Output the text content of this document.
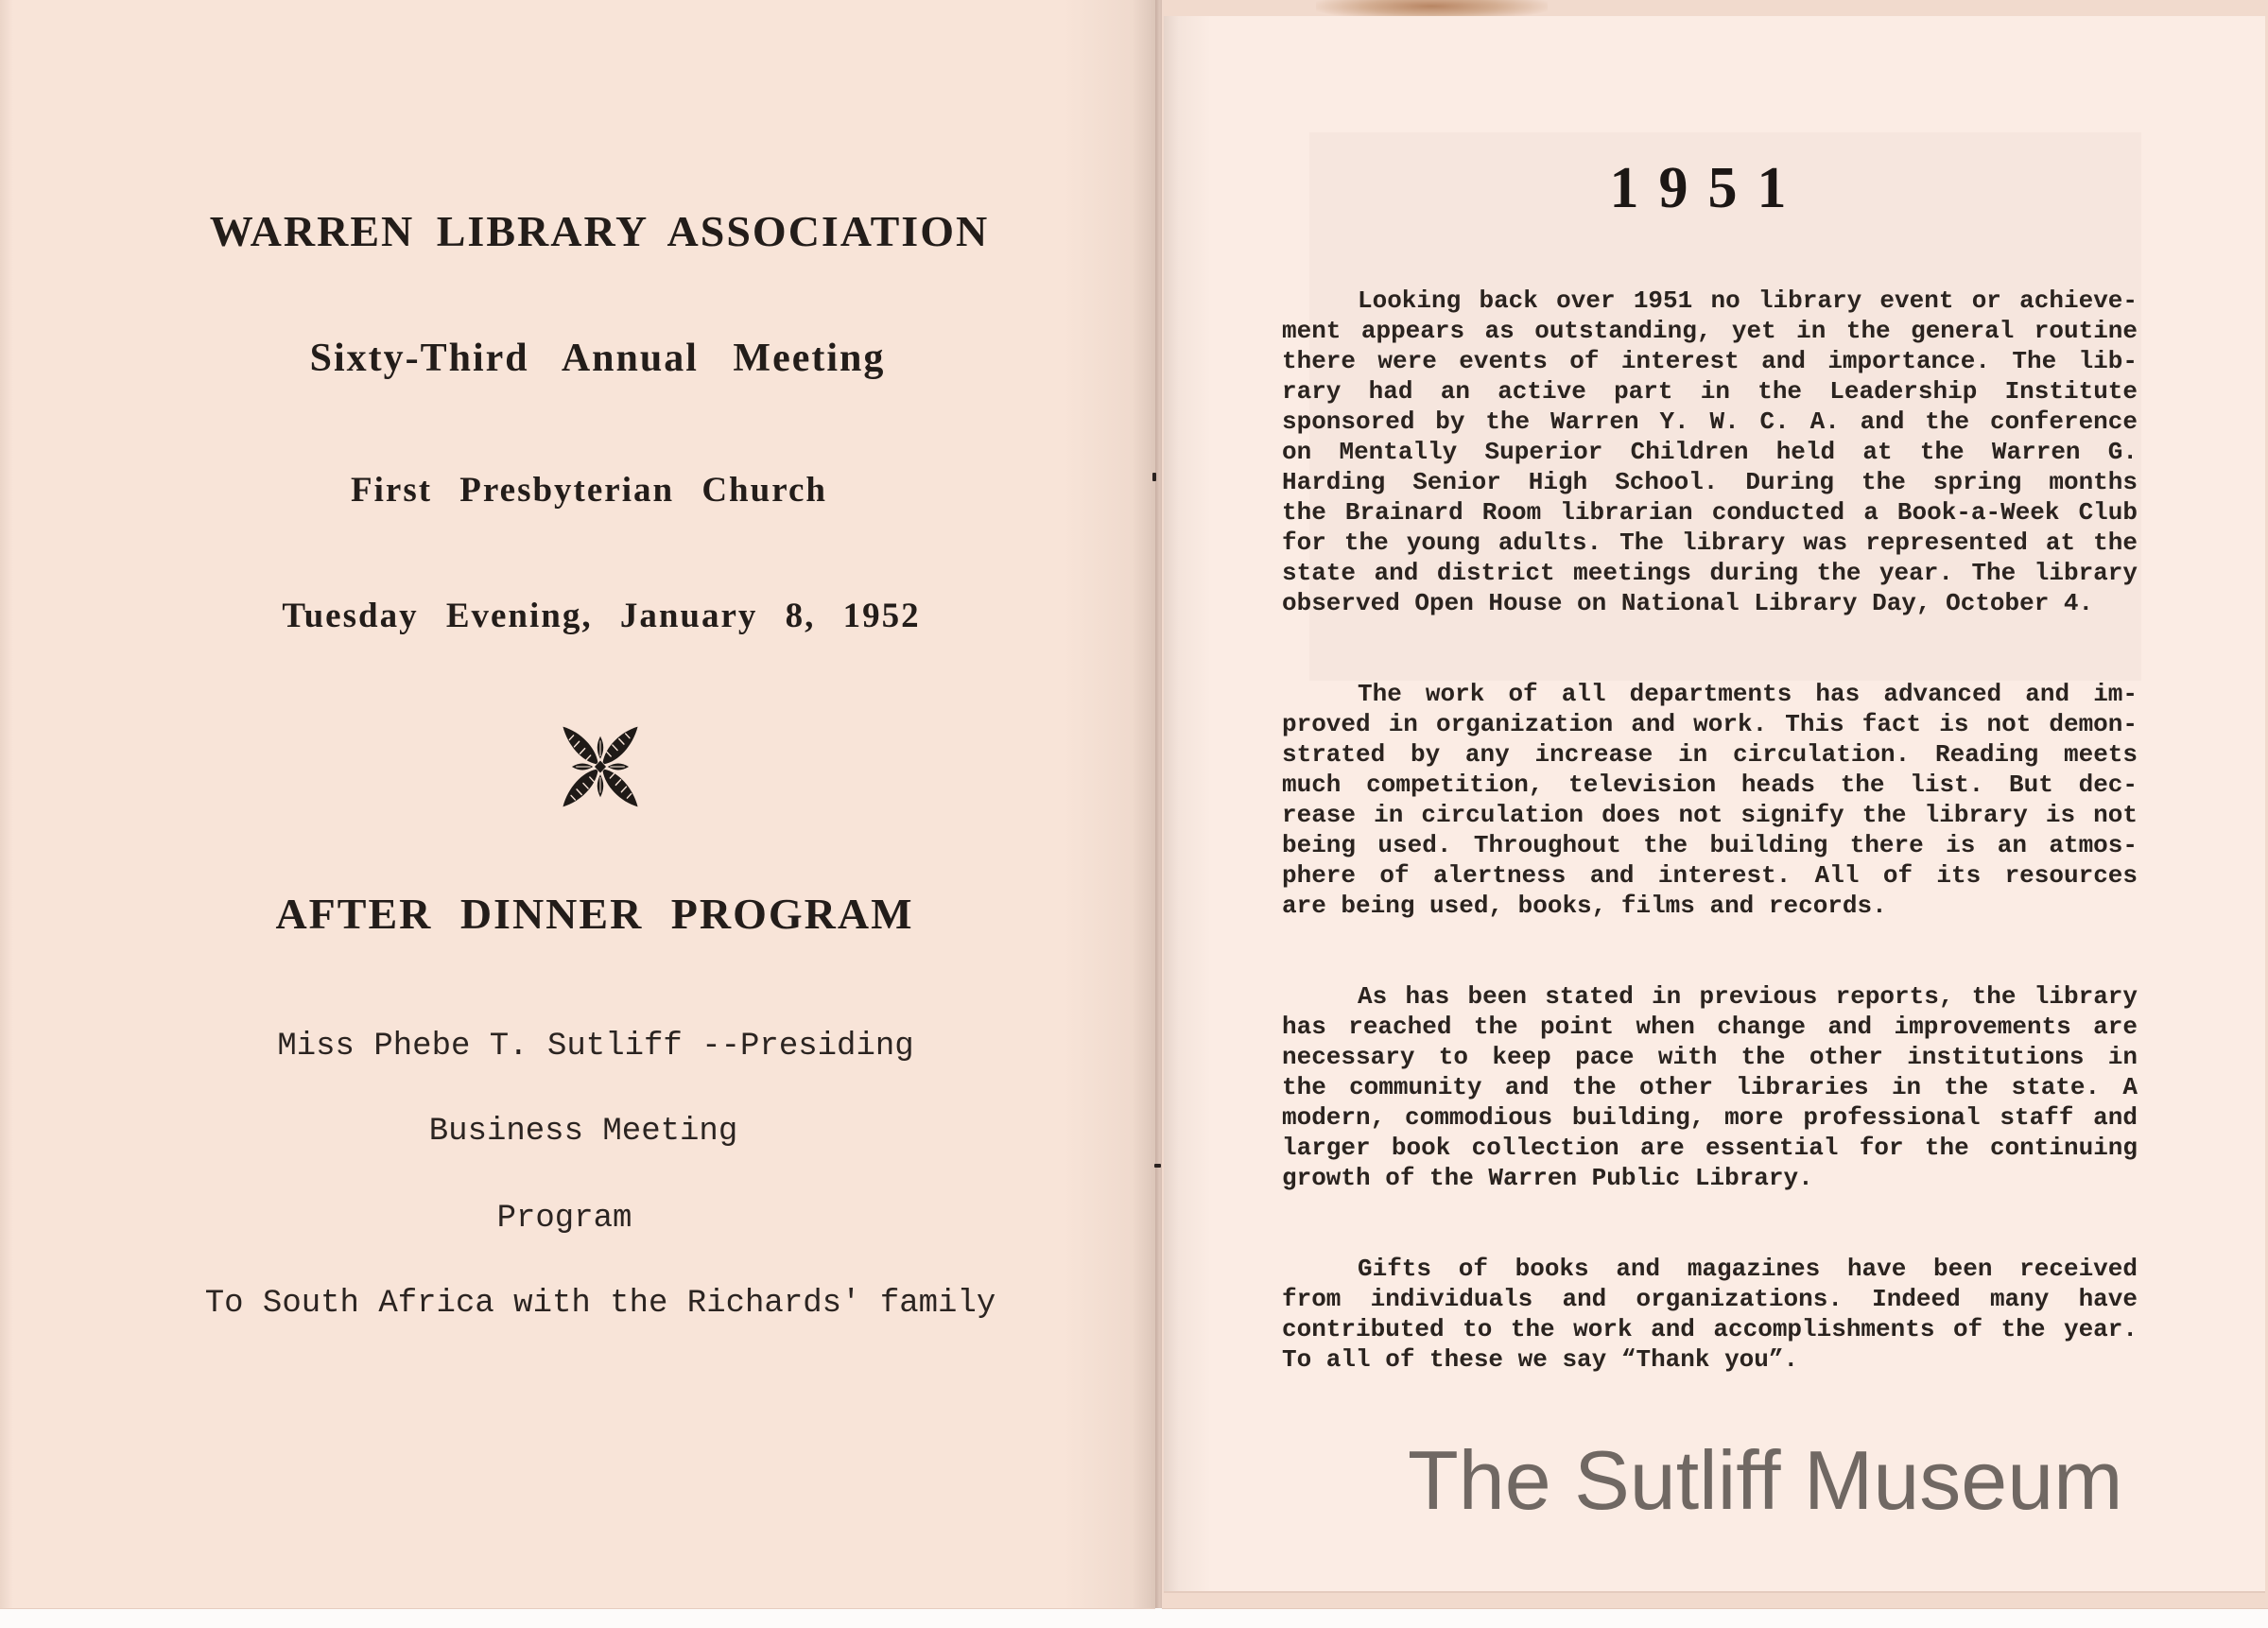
WARREN LIBRARY ASSOCIATION
Sixty-Third Annual Meeting
First Presbyterian Church
Tuesday Evening, January 8, 1952
AFTER DINNER PROGRAM
Miss Phebe T. Sutliff --Presiding
Business Meeting
Program
To South Africa with the Richards' family
1951
Looking back over 1951 no library event or achieve-
ment appears as outstanding, yet in the general routine
there were events of interest and importance. The lib-
rary had an active part in the Leadership Institute
sponsored by the Warren Y. W. C. A. and the conference
on Mentally Superior Children held at the Warren G.
Harding Senior High School. During the spring months
the Brainard Room librarian conducted a Book-a-Week Club
for the young adults. The library was represented at the
state and district meetings during the year. The library
observed Open House on National Library Day, October 4.
The work of all departments has advanced and im-
proved in organization and work. This fact is not demon-
strated by any increase in circulation. Reading meets
much competition, television heads the list. But dec-
rease in circulation does not signify the library is not
being used. Throughout the building there is an atmos-
phere of alertness and interest. All of its resources
are being used, books, films and records.
As has been stated in previous reports, the library
has reached the point when change and improvements are
necessary to keep pace with the other institutions in
the community and the other libraries in the state. A
modern, commodious building, more professional staff and
larger book collection are essential for the continuing
growth of the Warren Public Library.
Gifts of books and magazines have been received
from individuals and organizations. Indeed many have
contributed to the work and accomplishments of the year.
To all of these we say “Thank you”.
The Sutliff Museum
